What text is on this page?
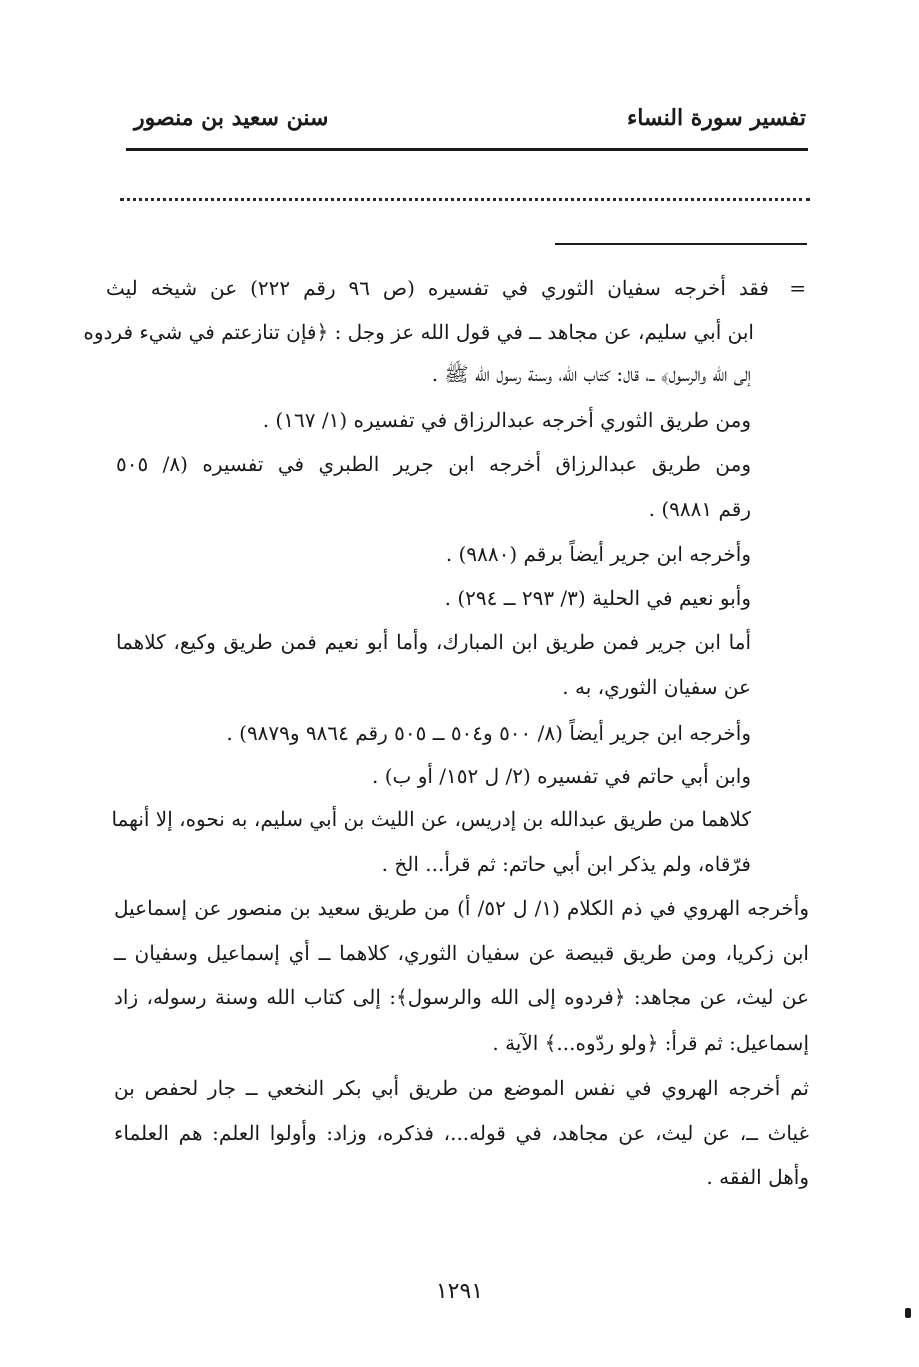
تفسير سورة النساء
سنن سعيد بن منصور
=
فقد أخرجه سفيان الثوري في تفسيره (ص ٩٦ رقم ٢٢٢) عن شيخه ليث
ابن أبي سليم، عن مجاهد ــ في قول الله عز وجل : ﴿فإن تنازعتم في شيء فردوه
إلى الله والرسول﴾ ــ، قال: كتاب الله، وسنة رسول الله ﷺ .
ومن طريق الثوري أخرجه عبدالرزاق في تفسيره (١/ ١٦٧) .
ومن طريق عبدالرزاق أخرجه ابن جرير الطبري في تفسيره (٨/ ٥٠٥
رقم ٩٨٨١) .
وأخرجه ابن جرير أيضاً برقم (٩٨٨٠) .
وأبو نعيم في الحلية (٣/ ٢٩٣ ــ ٢٩٤) .
أما ابن جرير فمن طريق ابن المبارك، وأما أبو نعيم فمن طريق وكيع، كلاهما
عن سفيان الثوري، به .
وأخرجه ابن جرير أيضاً (٨/ ٥٠٠ و٥٠٤ ــ ٥٠٥ رقم ٩٨٦٤ و٩٨٧٩) .
وابن أبي حاتم في تفسيره (٢/ ل ١٥٢/ أو ب) .
كلاهما من طريق عبدالله بن إدريس، عن الليث بن أبي سليم، به نحوه، إلا أنهما
فرّقاه، ولم يذكر ابن أبي حاتم: ثم قرأ... الخ .
وأخرجه الهروي في ذم الكلام (١/ ل ٥٢/ أ) من طريق سعيد بن منصور عن إسماعيل
ابن زكريا، ومن طريق قبيصة عن سفيان الثوري، كلاهما ــ أي إسماعيل وسفيان ــ
عن ليث، عن مجاهد: ﴿فردوه إلى الله والرسول﴾: إلى كتاب الله وسنة رسوله، زاد
إسماعيل: ثم قرأ: ﴿ولو ردّوه...﴾ الآية .
ثم أخرجه الهروي في نفس الموضع من طريق أبي بكر النخعي ــ جار لحفص بن
غياث ــ، عن ليث، عن مجاهد، في قوله...، فذكره، وزاد: وأولوا العلم: هم العلماء
وأهل الفقه .
١٢٩١
